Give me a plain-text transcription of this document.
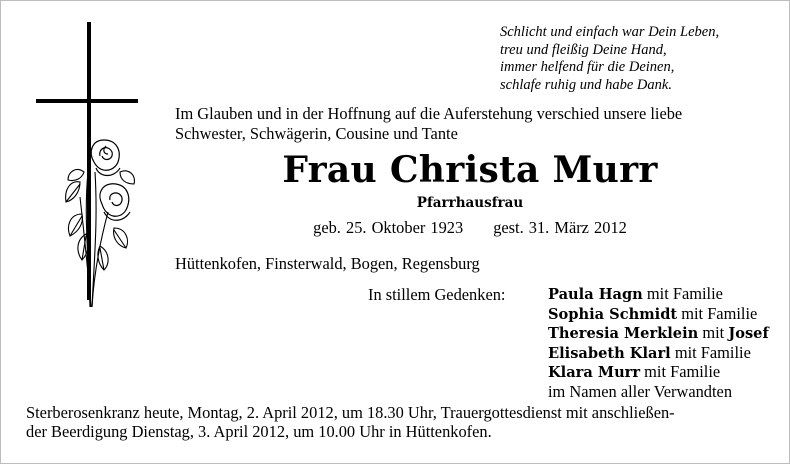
Schlicht und einfach war Dein Leben,
treu und fleißig Deine Hand,
immer helfend für die Deinen,
schlafe ruhig und habe Dank.
Im Glauben und in der Hoffnung auf die Auferstehung verschied unsere liebe
Schwester, Schwägerin, Cousine und Tante
Frau Christa Murr
Pfarrhausfrau
geb. 25. Oktober 1923 gest. 31. März 2012
Hüttenkofen, Finsterwald, Bogen, Regensburg
In stillem Gedenken:	Paula Hagn mit Familie
Sophia Schmidt mit Familie
Theresia Merklein mit Josef
Elisabeth Klarl mit Familie
Klara Murr mit Familie
im Namen aller Verwandten
Sterberosenkranz heute, Montag, 2. April 2012, um 18.30 Uhr, Trauergottesdienst mit anschließen-
der Beerdigung Dienstag, 3. April 2012, um 10.00 Uhr in Hüttenkofen.
